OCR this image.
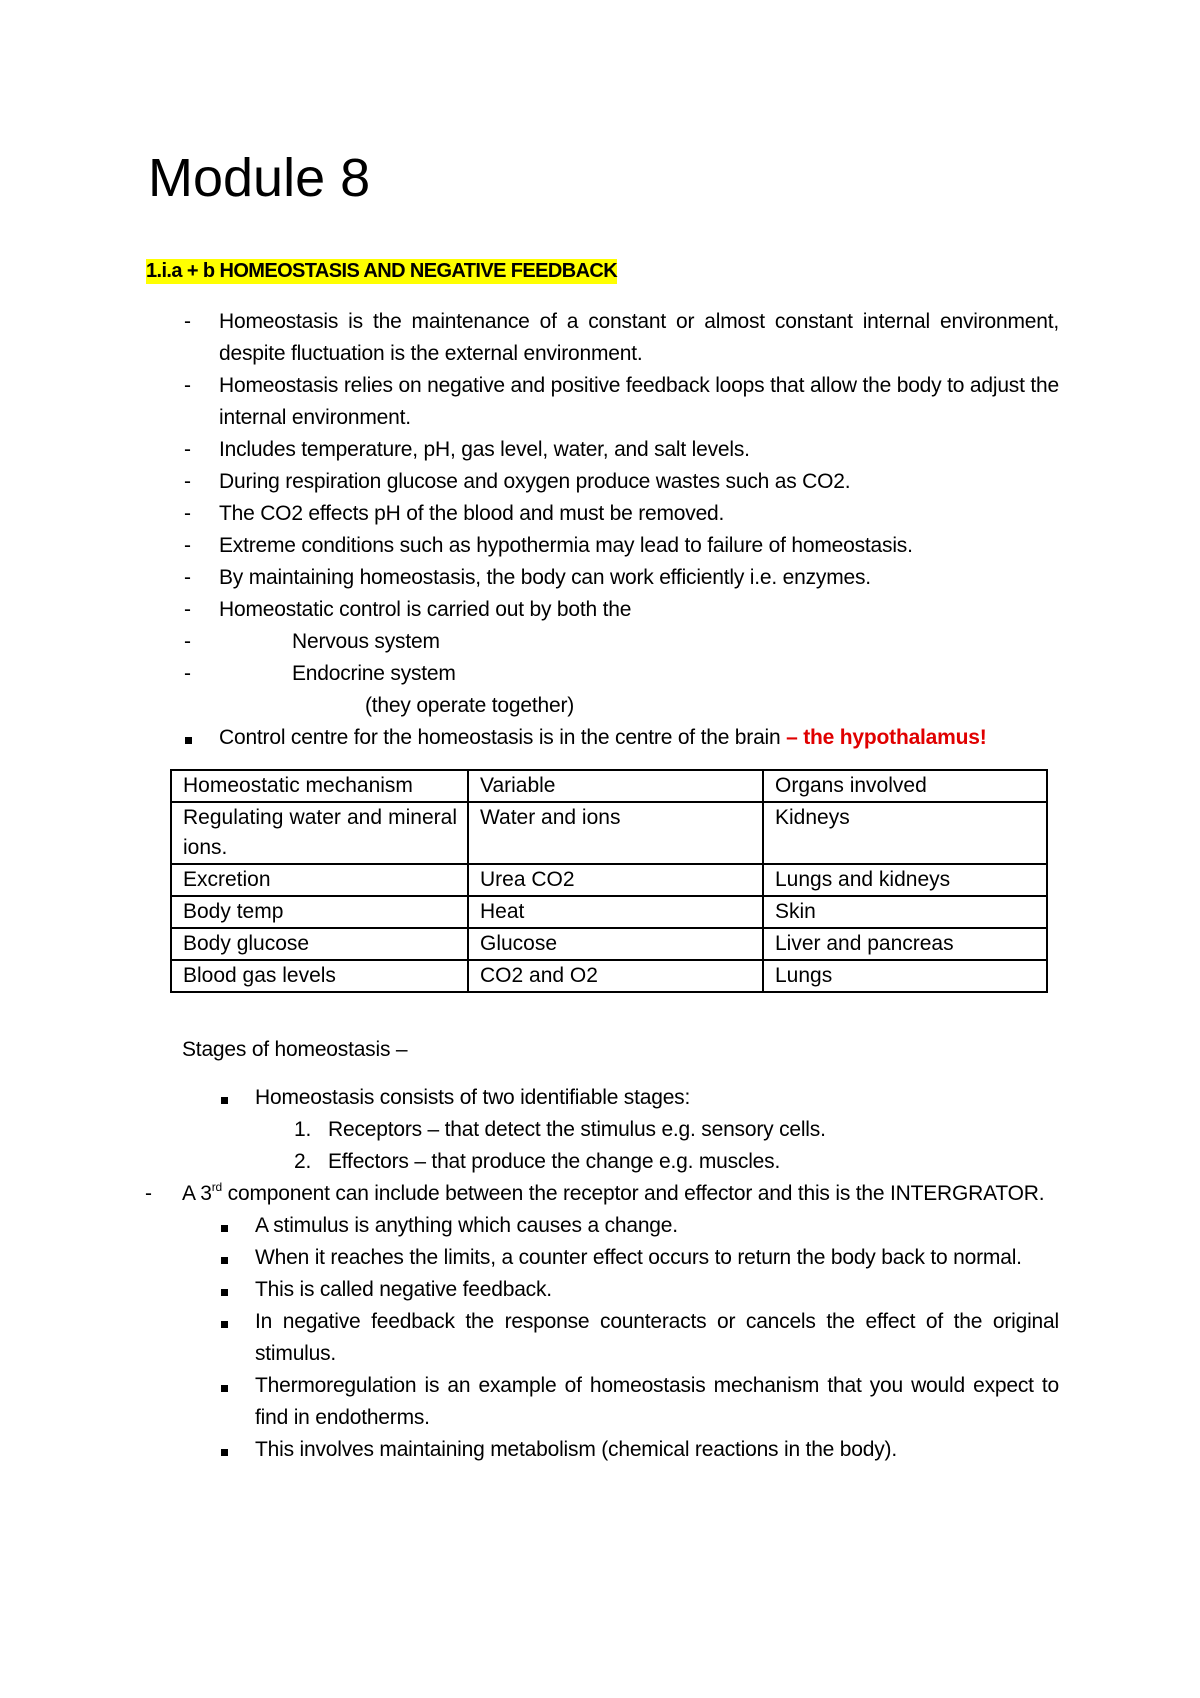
Module 8
1.i.a + b HOMEOSTASIS AND NEGATIVE FEEDBACK
- Homeostasis is the maintenance of a constant or almost constant internal environment, despite fluctuation is the external environment.
- Homeostasis relies on negative and positive feedback loops that allow the body to adjust the internal environment.
- Includes temperature, pH, gas level, water, and salt levels.
- During respiration glucose and oxygen produce wastes such as CO2.
- The CO2 effects pH of the blood and must be removed.
- Extreme conditions such as hypothermia may lead to failure of homeostasis.
- By maintaining homeostasis, the body can work efficiently i.e. enzymes.
- Homeostatic control is carried out by both the
-	Nervous system
-	Endocrine system
(they operate together)
Control centre for the homeostasis is in the centre of the brain – the hypothalamus!
Homeostatic mechanism	Variable	Organs involved
Regulating water and mineral ions.	Water and ions	Kidneys
Excretion	Urea CO2	Lungs and kidneys
Body temp	Heat	Skin
Body glucose	Glucose	Liver and pancreas
Blood gas levels	CO2 and O2	Lungs
Stages of homeostasis –
Homeostasis consists of two identifiable stages:
1. Receptors – that detect the stimulus e.g. sensory cells.
2. Effectors – that produce the change e.g. muscles.
- A 3rd component can include between the receptor and effector and this is the INTERGRATOR.
A stimulus is anything which causes a change.
When it reaches the limits, a counter effect occurs to return the body back to normal.
This is called negative feedback.
In negative feedback the response counteracts or cancels the effect of the original stimulus.
Thermoregulation is an example of homeostasis mechanism that you would expect to find in endotherms.
This involves maintaining metabolism (chemical reactions in the body).
